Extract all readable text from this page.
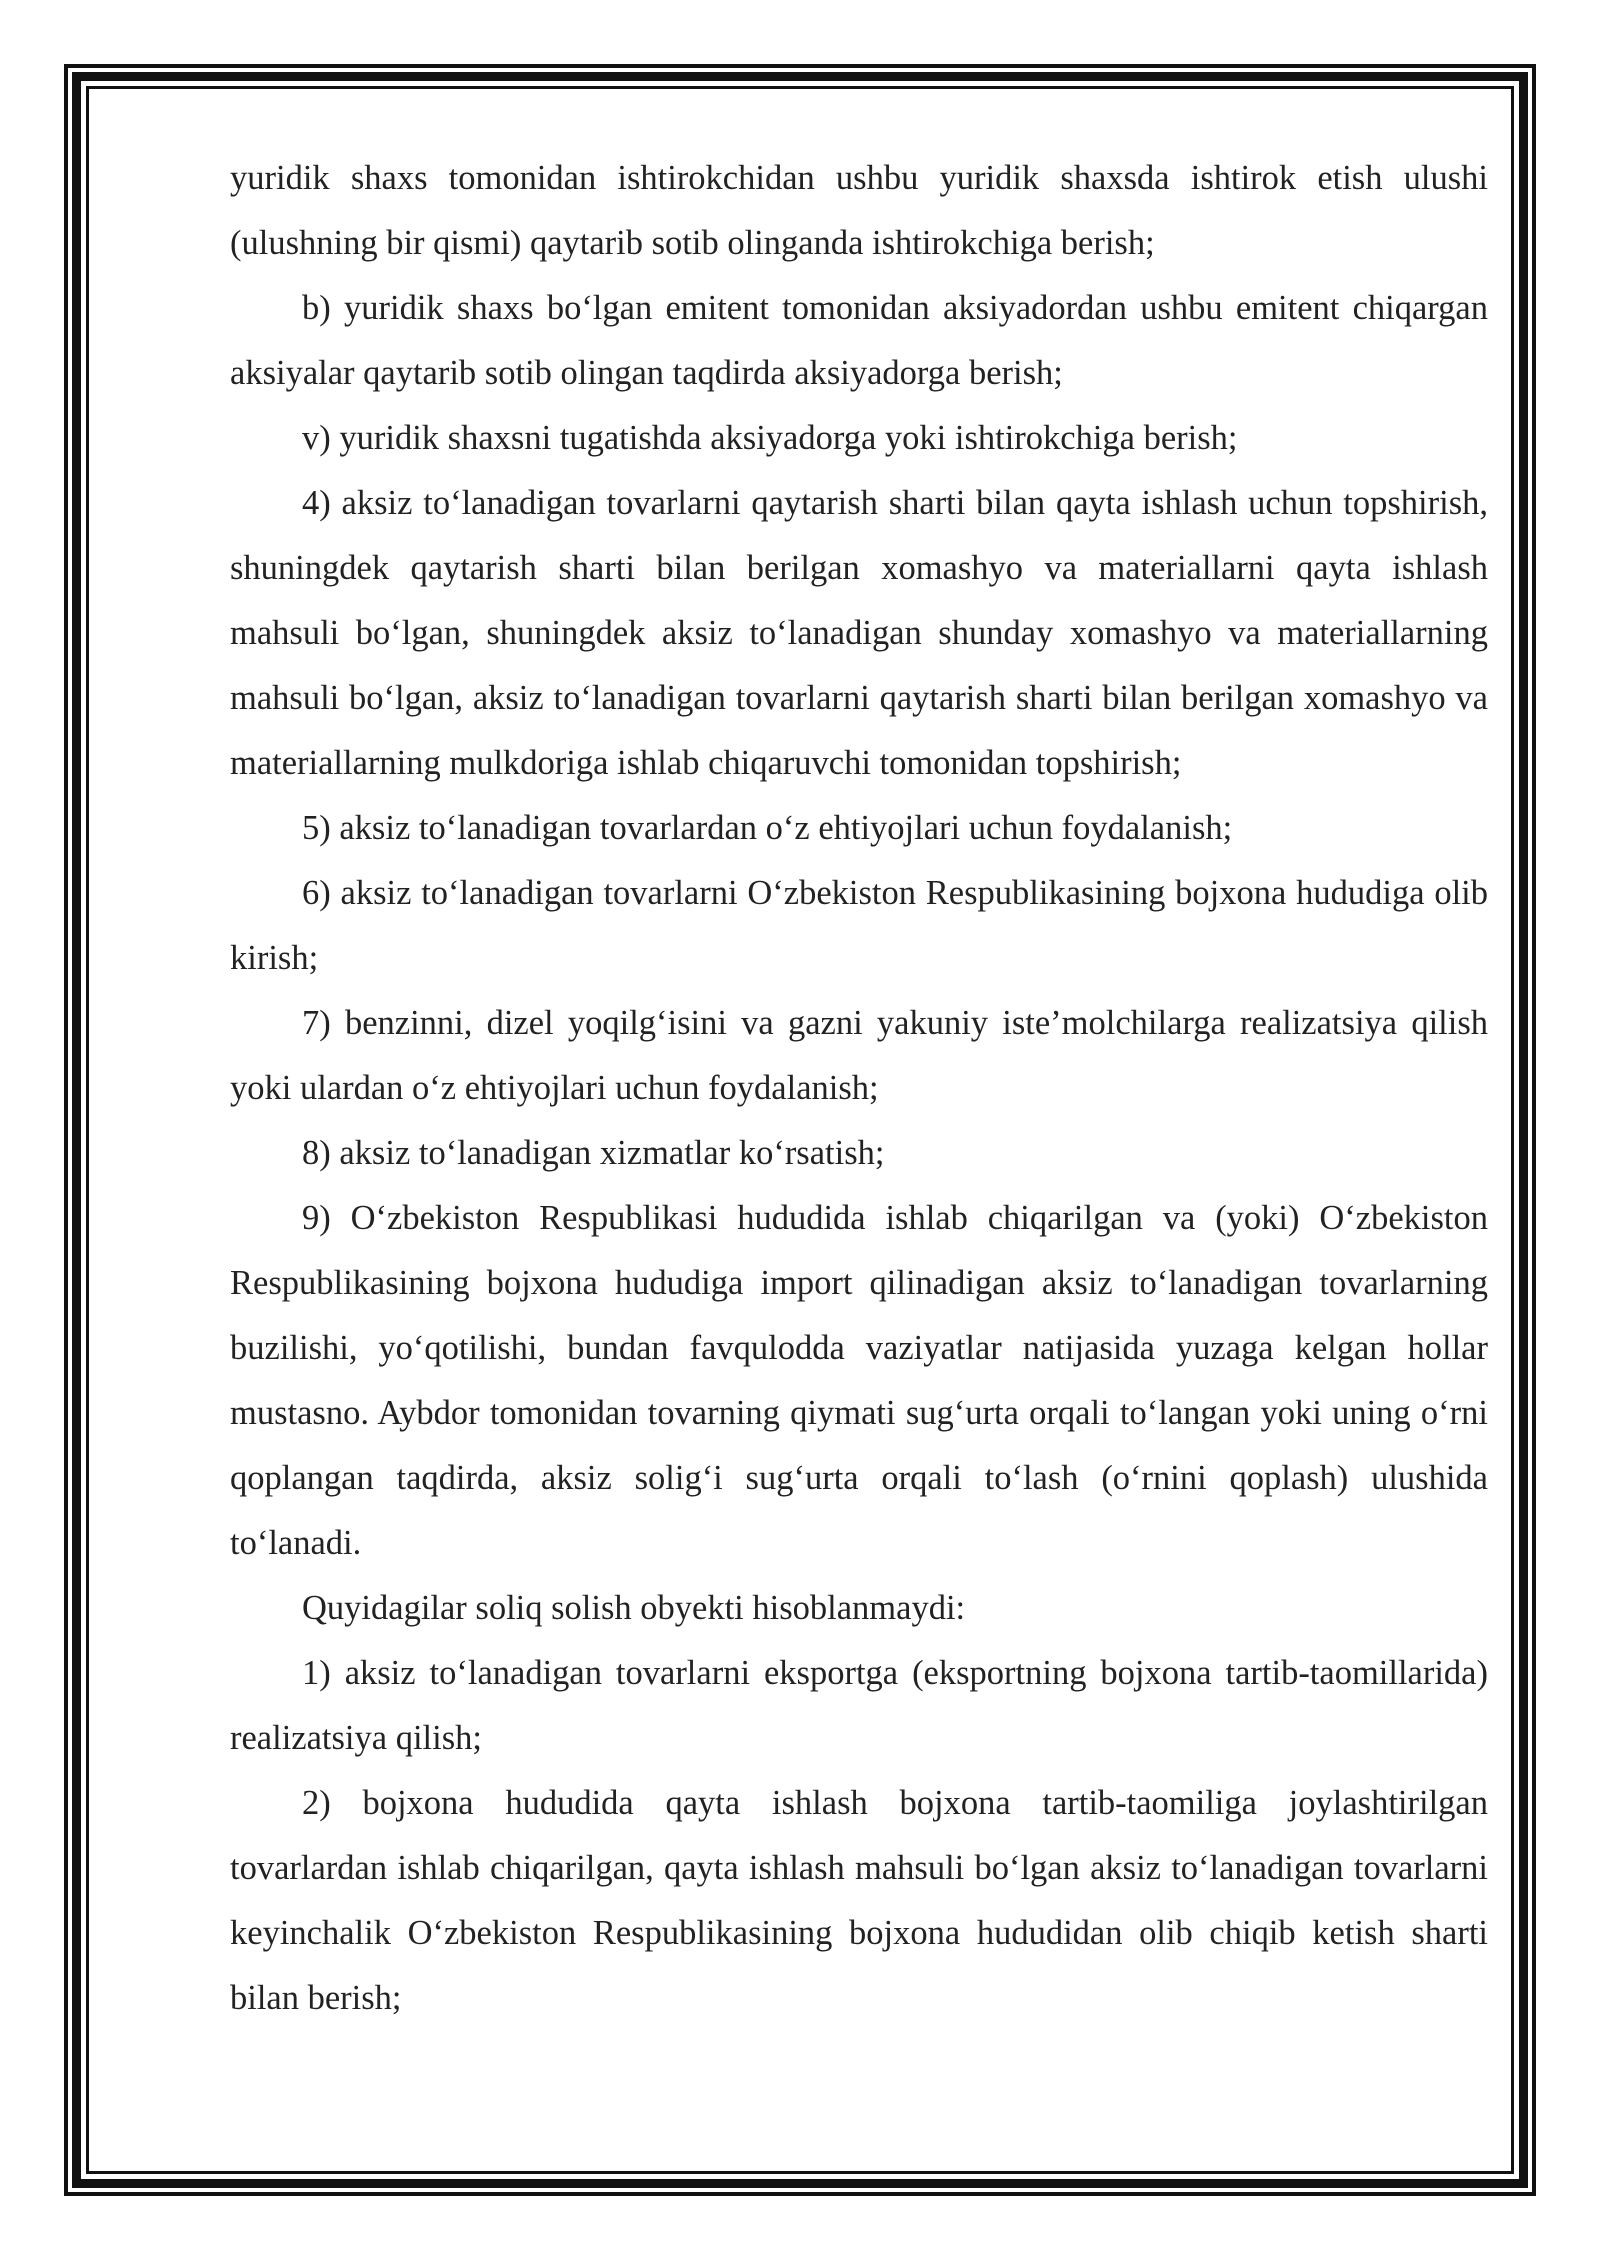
yuridik shaxs tomonidan ishtirokchidan ushbu yuridik shaxsda ishtirok etish ulushi (ulushning bir qismi) qaytarib sotib olinganda ishtirokchiga berish;

b) yuridik shaxs bo‘lgan emitent tomonidan aksiyadordan ushbu emitent chiqargan aksiyalar qaytarib sotib olingan taqdirda aksiyadorga berish;

v) yuridik shaxsni tugatishda aksiyadorga yoki ishtirokchiga berish;

4) aksiz to‘lanadigan tovarlarni qaytarish sharti bilan qayta ishlash uchun topshirish, shuningdek qaytarish sharti bilan berilgan xomashyo va materiallarni qayta ishlash mahsuli bo‘lgan, shuningdek aksiz to‘lanadigan shunday xomashyo va materiallarning mahsuli bo‘lgan, aksiz to‘lanadigan tovarlarni qaytarish sharti bilan berilgan xomashyo va materiallarning mulkdoriga ishlab chiqaruvchi tomonidan topshirish;

5) aksiz to‘lanadigan tovarlardan o‘z ehtiyojlari uchun foydalanish;

6) aksiz to‘lanadigan tovarlarni O‘zbekiston Respublikasining bojxona hududiga olib kirish;

7) benzinni, dizel yoqilg‘isini va gazni yakuniy iste’molchilarga realizatsiya qilish yoki ulardan o‘z ehtiyojlari uchun foydalanish;

8) aksiz to‘lanadigan xizmatlar ko‘rsatish;

9) O‘zbekiston Respublikasi hududida ishlab chiqarilgan va (yoki) O‘zbekiston Respublikasining bojxona hududiga import qilinadigan aksiz to‘lanadigan tovarlarning buzilishi, yo‘qotilishi, bundan favqulodda vaziyatlar natijasida yuzaga kelgan hollar mustasno. Aybdor tomonidan tovarning qiymati sug‘urta orqali to‘langan yoki uning o‘rni qoplangan taqdirda, aksiz solig‘i sug‘urta orqali to‘lash (o‘rnini qoplash) ulushida to‘lanadi.

Quyidagilar soliq solish obyekti hisoblanmaydi:

1) aksiz to‘lanadigan tovarlarni eksportga (eksportning bojxona tartib-taomillarida) realizatsiya qilish;

2) bojxona hududida qayta ishlash bojxona tartib-taomiliga joylashtirilgan tovarlardan ishlab chiqarilgan, qayta ishlash mahsuli bo‘lgan aksiz to‘lanadigan tovarlarni keyinchalik O‘zbekiston Respublikasining bojxona hududidan olib chiqib ketish sharti bilan berish;
